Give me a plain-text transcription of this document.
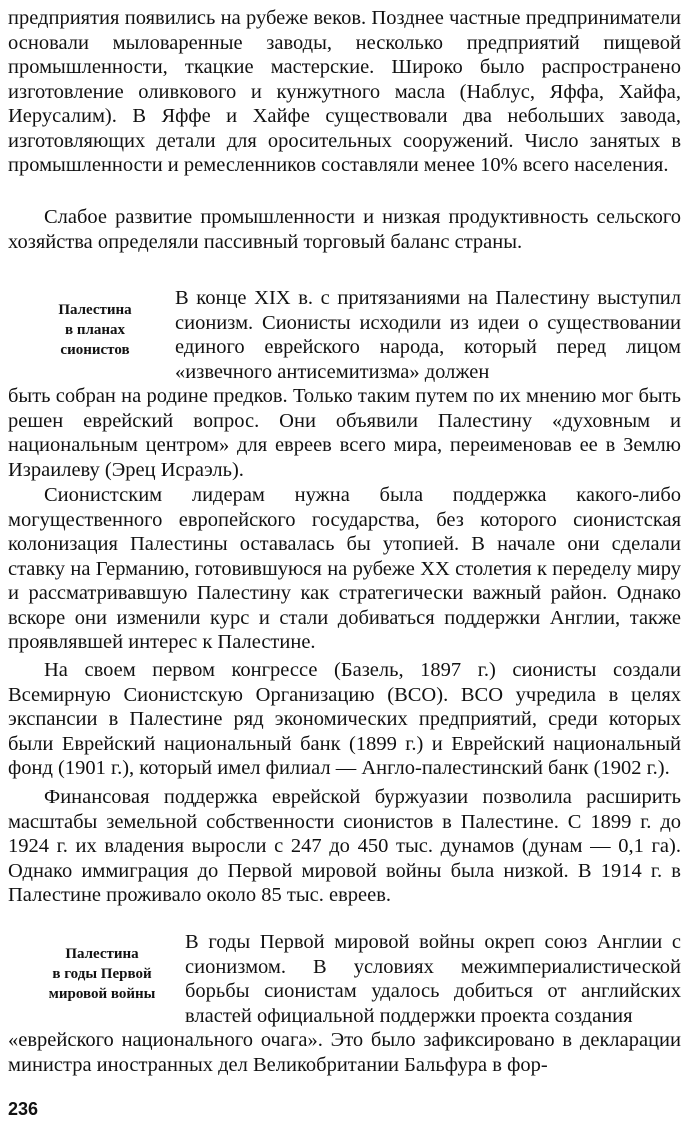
предприятия появились на рубеже веков. Позднее частные предприниматели основали мыловаренные заводы, несколько предприятий пищевой промышленности, ткацкие мастерские. Широко было распространено изготовление оливкового и кунжутного масла (Наблус, Яффа, Хайфа, Иерусалим). В Яффе и Хайфе существовали два небольших завода, изготовляющих детали для оросительных сооружений. Число занятых в промышленности и ремесленников составляли менее 10% всего населения.

Слабое развитие промышленности и низкая продуктивность сельского хозяйства определяли пассивный торговый баланс страны.

Палестина
в планах
сионистов

В конце XIX в. с притязаниями на Палестину выступил сионизм. Сионисты исходили из идеи о существовании единого еврейского народа, который перед лицом «извечного антисемитизма» должен

быть собран на родине предков. Только таким путем по их мнению мог быть решен еврейский вопрос. Они объявили Палестину «духовным и национальным центром» для евреев всего мира, переименовав ее в Землю Израилеву (Эрец Исраэль).

Сионистским лидерам нужна была поддержка какого-либо могущественного европейского государства, без которого сионистская колонизация Палестины оставалась бы утопией. В начале они сделали ставку на Германию, готовившуюся на рубеже XX столетия к переделу миру и рассматривавшую Палестину как стратегически важный район. Однако вскоре они изменили курс и стали добиваться поддержки Англии, также проявлявшей интерес к Палестине.

На своем первом конгрессе (Базель, 1897 г.) сионисты создали Всемирную Сионистскую Организацию (ВСО). ВСО учредила в целях экспансии в Палестине ряд экономических предприятий, среди которых были Еврейский национальный банк (1899 г.) и Еврейский национальный фонд (1901 г.), который имел филиал — Англо-палестинский банк (1902 г.).

Финансовая поддержка еврейской буржуазии позволила расширить масштабы земельной собственности сионистов в Палестине. С 1899 г. до 1924 г. их владения выросли с 247 до 450 тыс. дунамов (дунам — 0,1 га). Однако иммиграция до Первой мировой войны была низкой. В 1914 г. в Палестине проживало около 85 тыс. евреев.

Палестина
в годы Первой
мировой войны

В годы Первой мировой войны окреп союз Англии с сионизмом. В условиях межимпериалистической борьбы сионистам удалось добиться от английских властей официальной поддержки проекта создания

«еврейского национального очага». Это было зафиксировано в декларации министра иностранных дел Великобритании Бальфура в фор-

236
